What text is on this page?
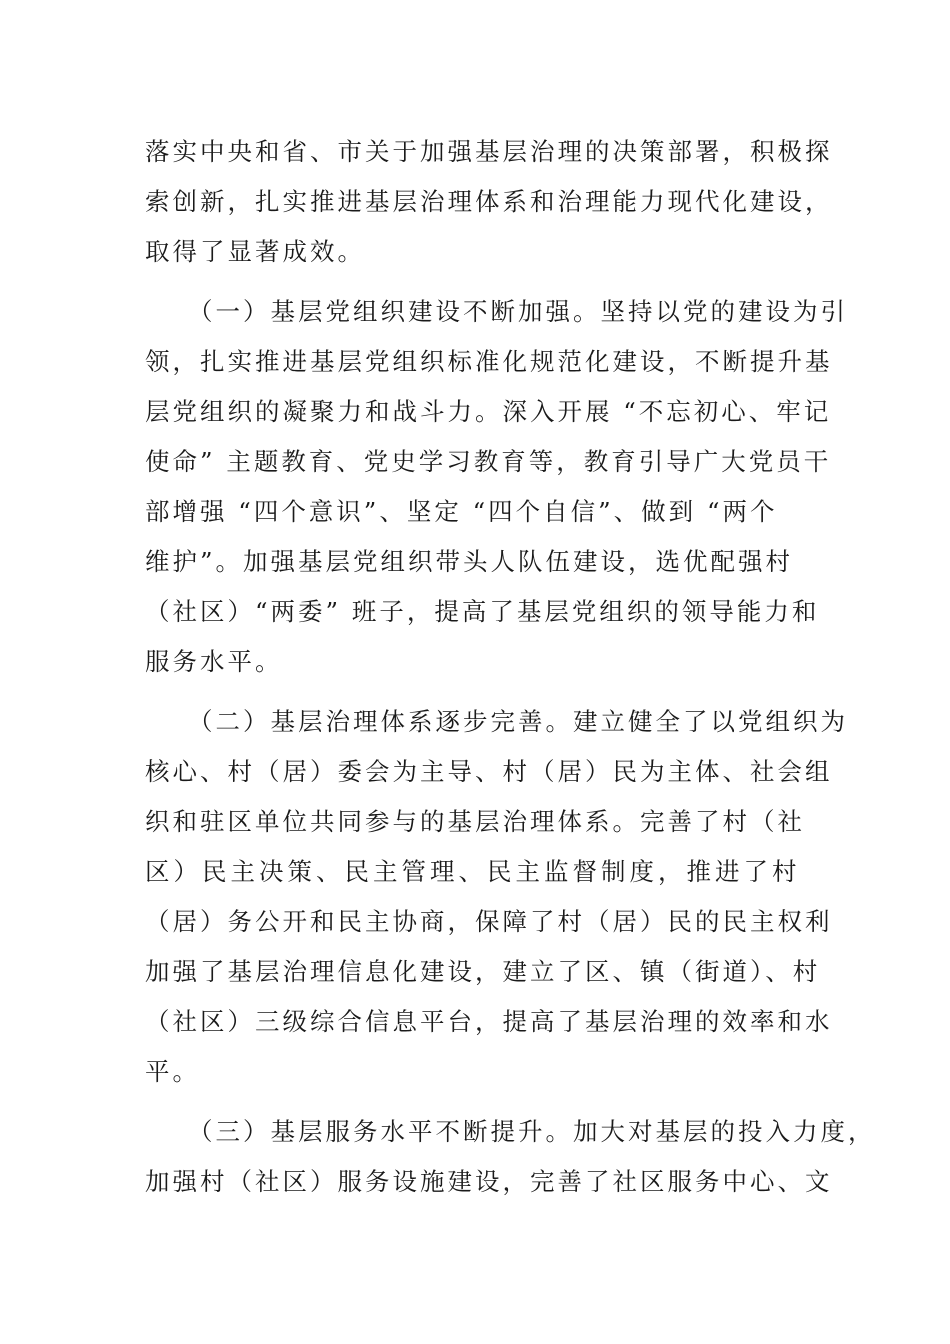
落实中央和省、市关于加强基层治理的决策部署，积极探
索创新，扎实推进基层治理体系和治理能力现代化建设，
取得了显著成效。
（一）基层党组织建设不断加强。坚持以党的建设为引
领，扎实推进基层党组织标准化规范化建设，不断提升基
层党组织的凝聚力和战斗力。深入开展 “不忘初心、牢记
使命” 主题教育、党史学习教育等，教育引导广大党员干
部增强 “四个意识”、坚定 “四个自信”、做到 “两个
维护”。加强基层党组织带头人队伍建设，选优配强村
（社区）“两委” 班子，提高了基层党组织的领导能力和
服务水平。
（二）基层治理体系逐步完善。建立健全了以党组织为
核心、村（居）委会为主导、村（居）民为主体、社会组
织和驻区单位共同参与的基层治理体系。完善了村（社
区）民主决策、民主管理、民主监督制度，推进了村
（居）务公开和民主协商，保障了村（居）民的民主权利
加强了基层治理信息化建设，建立了区、镇（街道）、村
（社区）三级综合信息平台，提高了基层治理的效率和水
平。
（三）基层服务水平不断提升。加大对基层的投入力度，
加强村（社区）服务设施建设，完善了社区服务中心、文
